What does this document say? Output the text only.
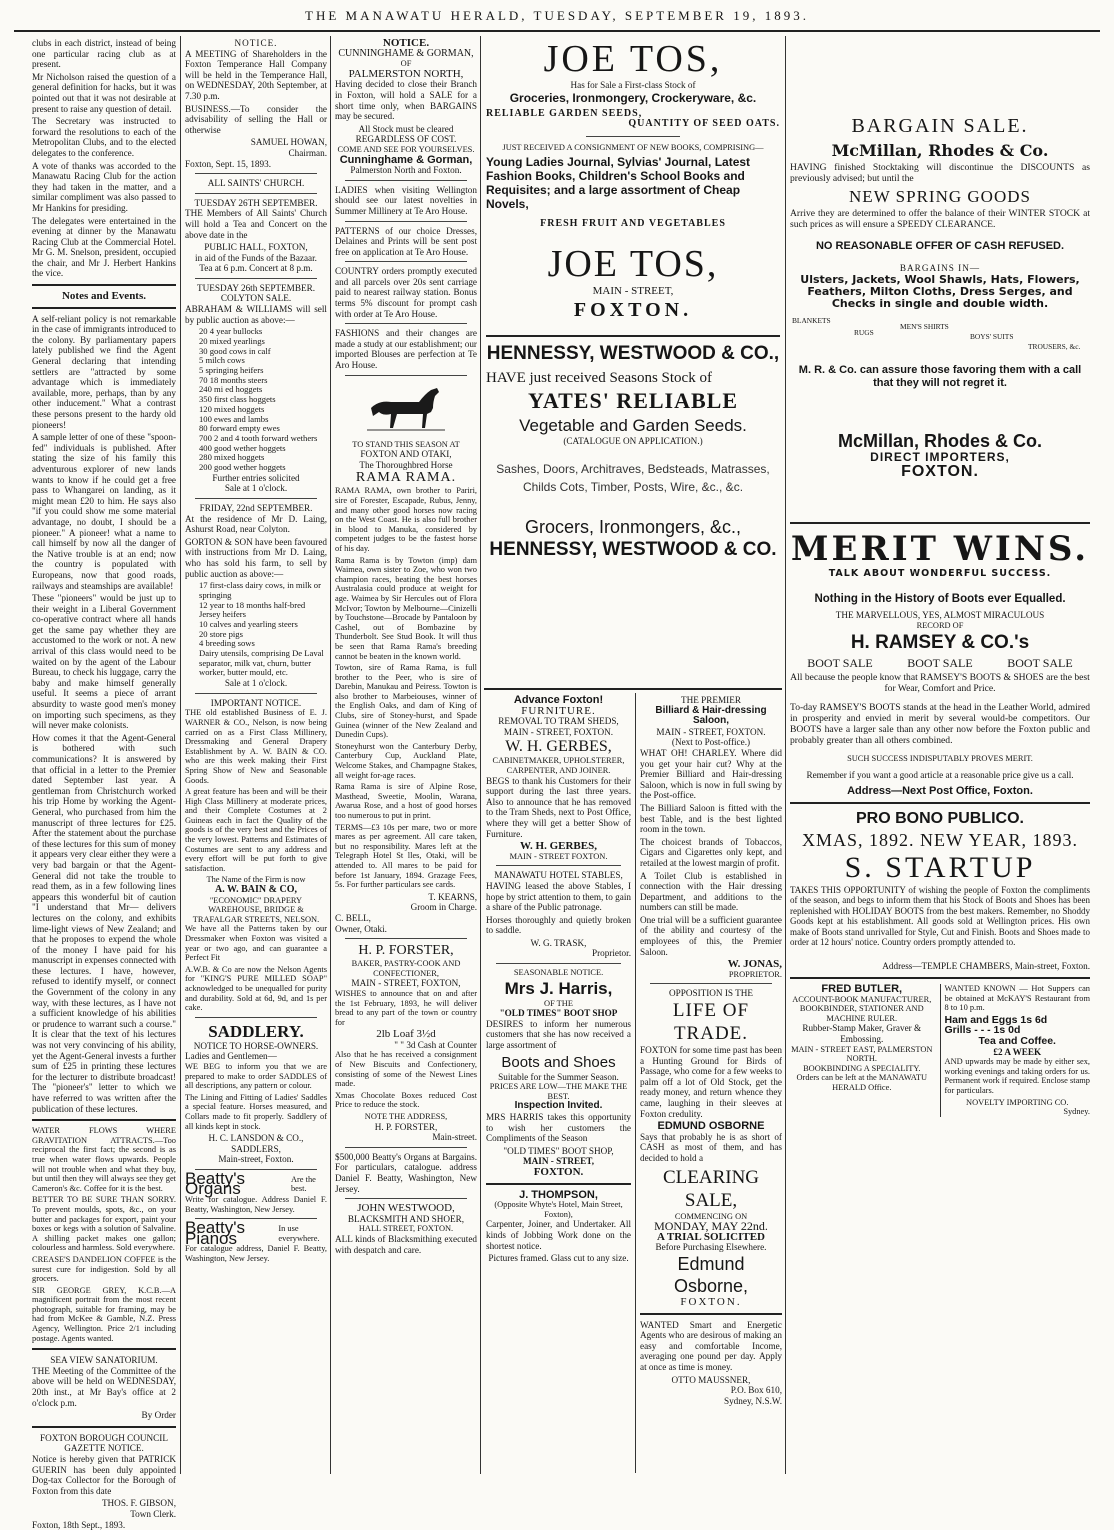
THE MANAWATU HERALD, TUESDAY, SEPTEMBER 19, 1893.

clubs in each district, instead of being one particular racing club as at present.

Mr Nicholson raised the question of a general definition for hacks, but it was pointed out that it was not desirable at present to raise any question of detail.

The Secretary was instructed to forward the resolutions to each of the Metropolitan Clubs, and to the elected delegates to the conference.

A vote of thanks was accorded to the Manawatu Racing Club for the action they had taken in the matter, and a similar compliment was also passed to Mr Hankins for presiding.

The delegates were entertained in the evening at dinner by the Manawatu Racing Club at the Commercial Hotel. Mr G. M. Snelson, president, occupied the chair, and Mr J. Herbert Hankins the vice.

Notes and Events.

A self-reliant policy is not remarkable in the case of immigrants introduced to the colony. By parliamentary papers lately published we find the Agent General declaring that intending settlers are "attracted by some advantage which is immediately available, more, perhaps, than by any other inducement." What a contrast these persons present to the hardy old pioneers!

A sample letter of one of these "spoon-fed" individuals is published. After stating the size of his family this adventurous explorer of new lands wants to know if he could get a free pass to Whangarei on landing, as it might mean £20 to him. He says also "if you could show me some material advantage, no doubt, I should be a pioneer." A pioneer! what a name to call himself by now all the danger of the Native trouble is at an end; now the country is populated with Europeans, now that good roads, railways and steamships are available!

These "pioneers" would be just up to their weight in a Liberal Government co-operative contract where all hands get the same pay whether they are accustomed to the work or not. A new arrival of this class would need to be waited on by the agent of the Labour Bureau, to check his luggage, carry the baby and make himself generally useful. It seems a piece of arrant absurdity to waste good men's money on importing such specimens, as they will never make colonists.

How comes it that the Agent-General is bothered with such communications? It is answered by that official in a letter to the Premier dated September last year. A gentleman from Christchurch worked his trip Home by working the Agent-General, who purchased from him the manuscript of three lectures for £25. After the statement about the purchase of these lectures for this sum of money it appears very clear either they were a very bad bargain or that the Agent-General did not take the trouble to read them, as in a few following lines appears this wonderful bit of caution "I understand that Mr— delivers lectures on the colony, and exhibits lime-light views of New Zealand; and that he proposes to expend the whole of the money I have paid for his manuscript in expenses connected with these lectures. I have, however, refused to identify myself, or connect the Government of the colony in any way, with these lectures, as I have not a sufficient knowledge of his abilities or prudence to warrant such a course." It is clear that the text of his lectures was not very convincing of his ability, yet the Agent-General invests a further sum of £25 in printing these lectures for the lecturer to distribute broadcast! The "pioneer's" letter to which we have referred to was written after the publication of these lectures.

WATER FLOWS WHERE GRAVITATION ATTRACTS.—Too reciprocal the first fact; the second is as true when water flows upwards. People will not trouble when and what they buy, but until then they will always see they get Cameron's &c. Coffee for it is the best.

BETTER TO BE SURE THAN SORRY. To prevent moulds, spots, &c., on your butter and packages for export, paint your boxes or kegs with a solution of Salvaline. A shilling packet makes one gallon; colourless and harmless. Sold everywhere.

CREASE'S DANDELION COFFEE is the surest cure for indigestion. Sold by all grocers.

SIR GEORGE GREY, K.C.B.—A magnificent portrait from the most recent photograph, suitable for framing, may be had from McKee & Gamble, N.Z. Press Agency, Wellington. Price 2/1 including postage. Agents wanted.

SEA VIEW SANATORIUM.

THE Meeting of the Committee of the above will be held on WEDNESDAY, 20th inst., at Mr Bay's office at 2 o'clock p.m.

By Order
FOXTON BOROUGH COUNCIL
GAZETTE NOTICE.

Notice is hereby given that PATRICK GUERIN has been duly appointed Dog-tax Collector for the Borough of Foxton from this date

THOS. F. GIBSON,
Town Clerk.
Foxton, 18th Sept., 1893.
NOTICE.

A MEETING of Shareholders in the Foxton Temperance Hall Company will be held in the Temperance Hall, on WEDNESDAY, 20th September, at 7.30 p.m.

BUSINESS.—To consider the advisability of selling the Hall or otherwise

SAMUEL HOWAN,
Chairman.
Foxton, Sept. 15, 1893.
ALL SAINTS' CHURCH.
TUESDAY 26TH SEPTEMBER.

THE Members of All Saints' Church will hold a Tea and Concert on the above date in the

PUBLIC HALL, FOXTON,
in aid of the Funds of the Bazaar.
Tea at 6 p.m. Concert at 8 p.m.
TUESDAY 26th SEPTEMBER.
COLYTON SALE.

ABRAHAM & WILLIAMS will sell by public auction as above:—

20 4 year bullocks
20 mixed yearlings
30 good cows in calf
5 milch cows
5 springing heifers
70 18 months steers
240 mi ed hoggets
350 first class hoggets
120 mixed hoggets
100 ewes and lambs
80 forward empty ewes
700 2 and 4 tooth forward wethers
400 good wether hoggets
280 mixed hoggets
200 good wether hoggets
Further entries solicited
Sale at 1 o'clock.
FRIDAY, 22nd SEPTEMBER.

At the residence of Mr D. Laing, Ashurst Road, near Colyton.

GORTON & SON have been favoured with instructions from Mr D. Laing, who has sold his farm, to sell by public auction as above:—

17 first-class dairy cows, in milk or springing
12 year to 18 months half-bred Jersey heifers
10 calves and yearling steers
20 store pigs
4 breeding sows
Dairy utensils, comprising De Laval separator, milk vat, churn, butter worker, butter mould, etc.
Sale at 1 o'clock.
IMPORTANT NOTICE.

THE old established Business of E. J. WARNER & CO., Nelson, is now being carried on as a First Class Millinery, Dressmaking and General Drapery Establishment by A. W. BAIN & CO. who are this week making their First Spring Show of New and Seasonable Goods.

A great feature has been and will be their High Class Millinery at moderate prices, and their Complete Costumes at 2 Guineas each in fact the Quality of the goods is of the very best and the Prices of the very lowest. Patterns and Estimates of Costumes are sent to any address and every effort will be put forth to give satisfaction.

The Name of the Firm is now
A. W. BAIN & CO,
"ECONOMIC" DRAPERY WAREHOUSE, BRIDGE & TRAFALGAR STREETS, NELSON.

We have all the Patterns taken by our Dressmaker when Foxton was visited a year or two ago, and can guarantee a Perfect Fit

A.W.B. & Co are now the Nelson Agents for "KING'S PURE MILLED SOAP" acknowledged to be unequalled for purity and durability. Sold at 6d, 9d, and 1s per cake.

SADDLERY.
NOTICE TO HORSE-OWNERS.
Ladies and Gentlemen—

WE BEG to inform you that we are prepared to make to order SADDLES of all descriptions, any pattern or colour.

The Lining and Fitting of Ladies' Saddles a special feature. Horses measured, and Collars made to fit properly. Saddlery of all kinds kept in stock.

H. C. LANSDON & CO.,
SADDLERS,
Main-street, Foxton.
Beatty's Organs
Are the best.

Write for catalogue. Address Daniel F. Beatty, Washington, New Jersey.

Beatty's Pianos
In use everywhere.

For catalogue address, Daniel F. Beatty, Washington, New Jersey.

NOTICE.
CUNNINGHAME & GORMAN,
OF
PALMERSTON NORTH,

Having decided to close their Branch in Foxton, will hold a SALE for a short time only, when BARGAINS may be secured.

All Stock must be cleared REGARDLESS OF COST.
COME AND SEE FOR YOURSELVES.
Cunninghame & Gorman,
Palmerston North and Foxton.

LADIES when visiting Wellington should see our latest novelties in Summer Millinery at Te Aro House.

PATTERNS of our choice Dresses, Delaines and Prints will be sent post free on application at Te Aro House.

COUNTRY orders promptly executed and all parcels over 20s sent carriage paid to nearest railway station. Bonus terms 5% discount for prompt cash with order at Te Aro House.

FASHIONS and their changes are made a study at our establishment; our imported Blouses are perfection at Te Aro House.

TO STAND THIS SEASON AT
FOXTON AND OTAKI,
The Thoroughbred Horse
RAMA RAMA.

RAMA RAMA, own brother to Pariri, sire of Forester, Escapade, Rubus, Jenny, and many other good horses now racing on the West Coast. He is also full brother in blood to Manuka, considered by competent judges to be the fastest horse of his day.

Rama Rama is by Towton (imp) dam Waimea, own sister to Zoe, who won two champion races, beating the best horses Australasia could produce at weight for age. Waimea by Sir Hercules out of Flora McIvor; Towton by Melbourne—Cinizelli by Touchstone—Brocade by Pantaloon by Cashel, out of Bombazine by Thunderbolt. See Stud Book. It will thus be seen that Rama Rama's breeding cannot be beaten in the known world.

Towton, sire of Rama Rama, is full brother to the Peer, who is sire of Darebin, Manukau and Peiress. Towton is also brother to Marbeiouses, winner of the English Oaks, and dam of King of Clubs, sire of Stoney-hurst, and Spade Guinea (winner of the New Zealand and Dunedin Cups).

Stoneyhurst won the Canterbury Derby, Canterbury Cup, Auckland Plate, Welcome Stakes, and Champagne Stakes, all weight for-age races.

Rama Rama is sire of Alpine Rose, Masthead, Sweetie, Moolin, Warana, Awarua Rose, and a host of good horses too numerous to put in print.

TERMS—£3 10s per mare, two or more mares as per agreement. All care taken, but no responsibility. Mares left at the Telegraph Hotel St lles, Otaki, will be attended to. All mares to be paid for before 1st January, 1894. Grazage Fees, 5s. For further particulars see cards.

T. KEARNS,
Groom in Charge.
C. BELL,
Owner, Otaki.
H. P. FORSTER,
BAKER, PASTRY-COOK AND CONFECTIONER,
MAIN - STREET, FOXTON,

WISHES to announce that on and after the 1st February, 1893, he will deliver bread to any part of the town or country for

2lb Loaf 3½d
" " 3d Cash at Counter

Also that he has received a consignment of New Biscuits and Confectionery, consisting of some of the Newest Lines made.

Xmas Chocolate Boxes reduced Cost Price to reduce the stock.

NOTE THE ADDRESS,
H. P. FORSTER,
Main-street.

$500,000 Beatty's Organs at Bargains. For particulars, catalogue. address Daniel F. Beatty, Washington, New Jersey.

JOHN WESTWOOD,
BLACKSMITH AND SHOER,
HALL STREET, FOXTON.

ALL kinds of Blacksmithing executed with despatch and care.

JOE TOS,
Has for Sale a First-class Stock of
Groceries, Ironmongery, Crockeryware, &c.
RELIABLE GARDEN SEEDS,
QUANTITY OF SEED OATS.
JUST RECEIVED A CONSIGNMENT OF NEW BOOKS, COMPRISING—
Young Ladies Journal, Sylvias' Journal, Latest Fashion Books, Children's School Books and Requisites; and a large assortment of Cheap Novels,
FRESH FRUIT AND VEGETABLES
JOE TOS,
MAIN - STREET,
FOXTON.
HENNESSY, WESTWOOD & CO.,
HAVE just received Seasons Stock of
YATES' RELIABLE
Vegetable and Garden Seeds.
(CATALOGUE ON APPLICATION.)
Sashes, Doors, Architraves, Bedsteads, Matrasses, Childs Cots, Timber, Posts, Wire, &c., &c.
Grocers, Ironmongers, &c.,
HENNESSY, WESTWOOD & CO.
Advance Foxton!
FURNITURE.
REMOVAL TO TRAM SHEDS, MAIN - STREET, FOXTON.
W. H. GERBES,
CABINETMAKER, UPHOLSTERER, CARPENTER, AND JOINER.

BEGS to thank his Customers for their support during the last three years. Also to announce that he has removed to the Tram Sheds, next to Post Office, where they will get a better Show of Furniture.

W. H. GERBES,
MAIN - STREET FOXTON.
MANAWATU HOTEL STABLES,

HAVING leased the above Stables, I hope by strict attention to them, to gain a share of the Public patronage.

Horses thoroughly and quietly broken to saddle.

W. G. TRASK,
Proprietor.
SEASONABLE NOTICE.
Mrs J. Harris,
OF THE
"OLD TIMES" BOOT SHOP

DESIRES to inform her numerous customers that she has now received a large assortment of

Boots and Shoes
Suitable for the Summer Season.
PRICES ARE LOW—THE MAKE THE BEST.
Inspection Invited.

MRS HARRIS takes this opportunity to wish her customers the Compliments of the Season

"OLD TIMES" BOOT SHOP,
MAIN - STREET,
FOXTON.
J. THOMPSON,
(Opposite Whyte's Hotel, Main Street, Foxton),

Carpenter, Joiner, and Undertaker. All kinds of Jobbing Work done on the shortest notice.

Pictures framed. Glass cut to any size.
THE PREMIER
Billiard & Hair-dressing Saloon,
MAIN - STREET, FOXTON.
(Next to Post-office.)

WHAT OH! CHARLEY. Where did you get your hair cut? Why at the Premier Billiard and Hair-dressing Saloon, which is now in full swing by the Post-office.

The Billiard Saloon is fitted with the best Table, and is the best lighted room in the town.

The choicest brands of Tobaccos, Cigars and Cigarettes only kept, and retailed at the lowest margin of profit.

A Toilet Club is established in connection with the Hair dressing Department, and additions to the numbers can still be made.

One trial will be a sufficient guarantee of the ability and courtesy of the employees of this, the Premier Saloon.

W. JONAS,
PROPRIETOR.
OPPOSITION IS THE
LIFE OF TRADE.

FOXTON for some time past has been a Hunting Ground for Birds of Passage, who come for a few weeks to palm off a lot of Old Stock, get the ready money, and return whence they came, laughing in their sleeves at Foxton credulity.

EDMUND OSBORNE

Says that probably he is as short of CASH as most of them, and has decided to hold a

CLEARING SALE,
COMMENCING ON
MONDAY, MAY 22nd.
A TRIAL SOLICITED
Before Purchasing Elsewhere.
Edmund Osborne,
FOXTON.

WANTED Smart and Energetic Agents who are desirous of making an easy and comfortable Income, averaging one pound per day. Apply at once as time is money.

OTTO MAUSSNER,
P.O. Box 610,
Sydney, N.S.W.
BARGAIN SALE.
McMillan, Rhodes & Co.

HAVING finished Stocktaking will discontinue the DISCOUNTS as previously advised; but until the

NEW SPRING GOODS

Arrive they are determined to offer the balance of their WINTER STOCK at such prices as will ensure a SPEEDY CLEARANCE.

NO REASONABLE OFFER OF CASH REFUSED.
BARGAINS IN—
Ulsters, Jackets, Wool Shawls, Hats, Flowers, Feathers, Milton Cloths, Dress Serges, and Checks in single and double width.
BLANKETS
RUGS
MEN'S SHIRTS
BOYS' SUITS
TROUSERS, &c.
M. R. & Co. can assure those favoring them with a call that they will not regret it.
McMillan, Rhodes & Co.
DIRECT IMPORTERS,
FOXTON.
MERIT WINS.
TALK ABOUT WONDERFUL SUCCESS.
Nothing in the History of Boots ever Equalled.
THE MARVELLOUS, YES, ALMOST MIRACULOUS
RECORD OF
H. RAMSEY & CO.'s
BOOT SALE	BOOT SALE	BOOT SALE
All because the people know that RAMSEY'S BOOTS & SHOES are the best for Wear, Comfort and Price.

To-day RAMSEY'S BOOTS stands at the head in the Leather World, admired in prosperity and envied in merit by several would-be competitors. Our BOOTS have a larger sale than any other now before the Foxton public and probably greater than all others combined.

SUCH SUCCESS INDISPUTABLY PROVES MERIT.
Remember if you want a good article at a reasonable price give us a call.
Address—Next Post Office, Foxton.
PRO BONO PUBLICO.
XMAS, 1892. NEW YEAR, 1893.
S. STARTUP

TAKES THIS OPPORTUNITY of wishing the people of Foxton the compliments of the season, and begs to inform them that his Stock of Boots and Shoes has been replenished with HOLIDAY BOOTS from the best makers. Remember, no Shoddy Goods kept at his establishment. All goods sold at Wellington prices. His own make of Boots stand unrivalled for Style, Cut and Finish. Boots and Shoes made to order at 12 hours' notice. Country orders promptly attended to.

Address—TEMPLE CHAMBERS, Main-street, Foxton.
FRED BUTLER,
ACCOUNT-BOOK MANUFACTURER, BOOKBINDER, STATIONER AND MACHINE RULER.
Rubber-Stamp Maker, Graver & Embossing.
MAIN - STREET EAST, PALMERSTON NORTH.
BOOKBINDING A SPECIALITY.
Orders can be left at the MANAWATU HERALD Office.

WANTED KNOWN — Hot Suppers can be obtained at McKAY'S Restaurant from 8 to 10 p.m.

Ham and Eggs 1s 6d
Grills - - - 1s 0d
Tea and Coffee.
£2 A WEEK

AND upwards may be made by either sex, working evenings and taking orders for us. Permanent work if required. Enclose stamp for particulars.

NOVELTY IMPORTING CO.
Sydney.
